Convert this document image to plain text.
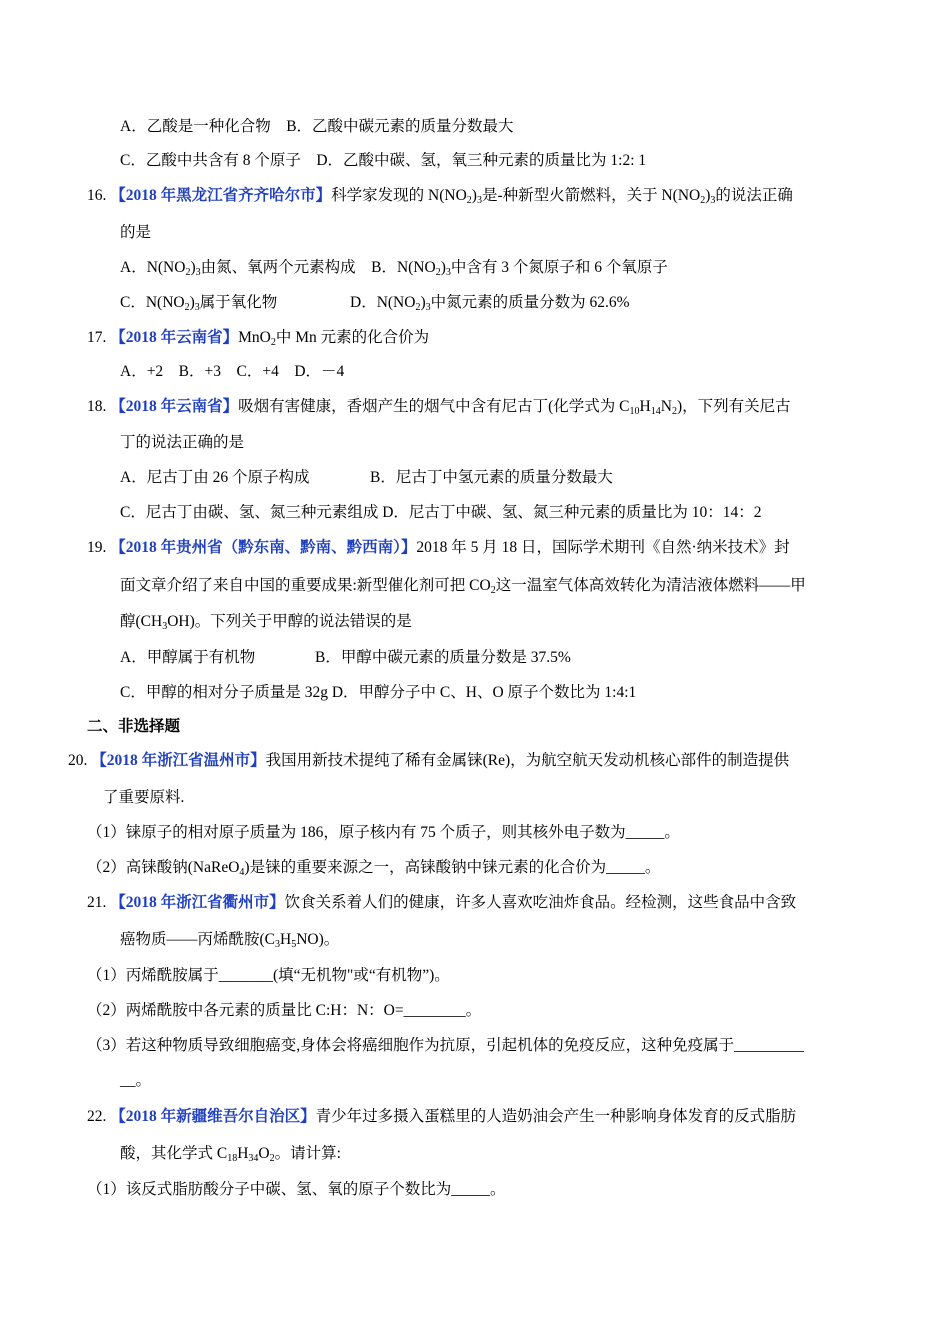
A．乙酸是一种化合物　B．乙酸中碳元素的质量分数最大
C．乙酸中共含有 8 个原子　D．乙酸中碳、氢，氧三种元素的质量比为 1:2: 1
16. 【2018 年黑龙江省齐齐哈尔市】科学家发现的 $N(NO_2)_3$是-种新型火箭燃料，关于 $N(NO_2)_3$的说法正确
的是
A．$N(NO_2)_3$由氮、氧两个元素构成　B．$N(NO_2)_3$中含有 3 个氮原子和 6 个氧原子
C．$N(NO_2)_3$属于氧化物	D．$N(NO_2)_3$中氮元素的质量分数为 62.6%
17. 【2018 年云南省】MnO$_2$中 Mn 元素的化合价为
A．+2　B．+3　C．+4　D．－4
18. 【2018 年云南省】吸烟有害健康，香烟产生的烟气中含有尼古丁(化学式为 $C_{10}H_{14}N_2$)，下列有关尼古
丁的说法正确的是
A．尼古丁由 26 个原子构成	B．尼古丁中氢元素的质量分数最大
C．尼古丁由碳、氢、氮三种元素组成 D．尼古丁中碳、氢、氮三种元素的质量比为 10：14：2
19. 【2018 年贵州省（黔东南、黔南、黔西南）】2018 年 5 月 18 日，国际学术期刊《自然·纳米技术》封
面文章介绍了来自中国的重要成果:新型催化剂可把 $CO_2$这一温室气体高效转化为清洁液体燃料——甲
醇$(CH_3OH)$。下列关于甲醇的说法错误的是
A．甲醇属于有机物	B．甲醇中碳元素的质量分数是 37.5%
C．甲醇的相对分子质量是 32g D．甲醇分子中 C、H、O 原子个数比为 1:4:1
二、非选择题
20. 【2018 年浙江省温州市】我国用新技术提纯了稀有金属铼(Re)，为航空航天发动机核心部件的制造提供
了重要原料.
（1）铼原子的相对原子质量为 186，原子核内有 75 个质子，则其核外电子数为_____。
（2）高铼酸钠(NaReO$_4$)是铼的重要来源之一，高铼酸钠中铼元素的化合价为_____。
21. 【2018 年浙江省衢州市】饮食关系着人们的健康，许多人喜欢吃油炸食品。经检测，这些食品中含致
癌物质——丙烯酰胺$(C_3H_5NO)$。
（1）丙烯酰胺属于_______(填“无机物"或“有机物”)。
（2）两烯酰胺中各元素的质量比 C:H：N：O=________。
（3）若这种物质导致细胞癌变,身体会将癌细胞作为抗原，引起机体的免疫反应，这种免疫属于_________
__。
22. 【2018 年新疆维吾尔自治区】青少年过多摄入蛋糕里的人造奶油会产生一种影响身体发育的反式脂肪
酸，其化学式 $C_{18}H_{34}O_2$。请计算:
（1）该反式脂肪酸分子中碳、氢、氧的原子个数比为_____。
